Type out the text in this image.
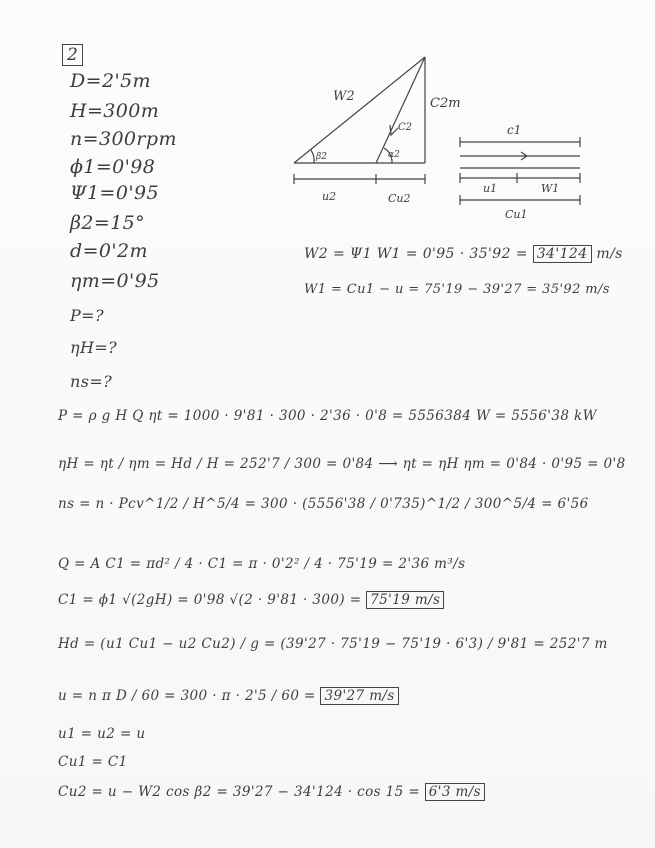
2
D=2'5m
H=300m
n=300rpm
ϕ1=0'98
Ψ1=0'95
β2=15°
d=0'2m
ηm=0'95
P=?
ηH=?
ns=?
W2
C2
C2m
β2	α2
u2	Cu2
c1
u1	W1
Cu1
W2 = Ψ1 W1 = 0'95 · 35'92 = 34'124 m/s
W1 = Cu1 − u = 75'19 − 39'27 = 35'92 m/s
P = ρ g H Q ηt = 1000 · 9'81 · 300 · 2'36 · 0'8 = 5556384 W = 5556'38 kW
ηH = ηt / ηm = Hd / H = 252'7 / 300 = 0'84 ⟶ ηt = ηH ηm = 0'84 · 0'95 = 0'8
ns = n · Pcv^1/2 / H^5/4 = 300 · (5556'38 / 0'735)^1/2 / 300^5/4 = 6'56
Q = A C1 = πd² / 4 · C1 = π · 0'2² / 4 · 75'19 = 2'36 m³/s
C1 = ϕ1 √(2gH) = 0'98 √(2 · 9'81 · 300) = 75'19 m/s
Hd = (u1 Cu1 − u2 Cu2) / g = (39'27 · 75'19 − 75'19 · 6'3) / 9'81 = 252'7 m
u = n π D / 60 = 300 · π · 2'5 / 60 = 39'27 m/s
u1 = u2 = u
Cu1 = C1
Cu2 = u − W2 cos β2 = 39'27 − 34'124 · cos 15 = 6'3 m/s
